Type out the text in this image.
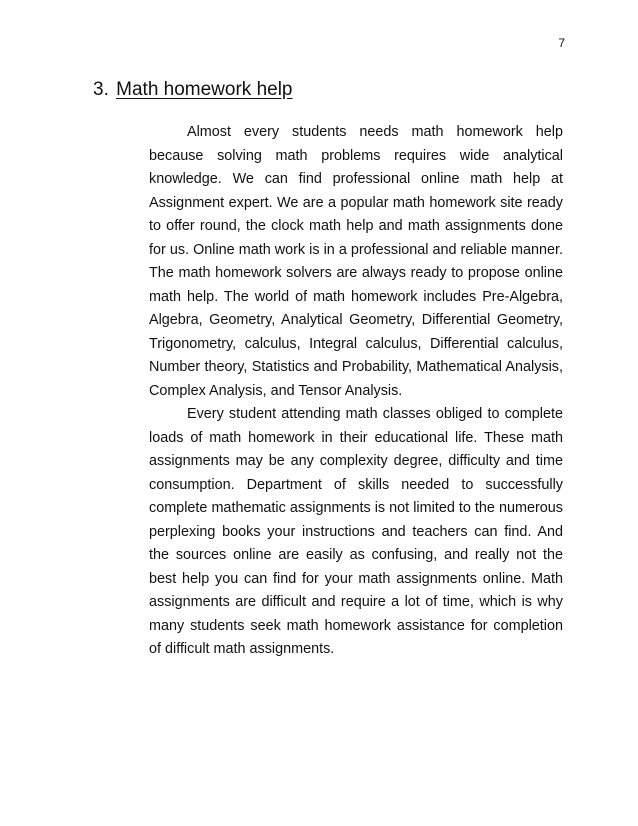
7
3. Math homework help

Almost every students needs math homework help because solving math problems requires wide analytical knowledge. We can find professional online math help at Assignment expert. We are a popular math homework site ready to offer round, the clock math help and math assignments done for us. Online math work is in a professional and reliable manner. The math homework solvers are always ready to propose online math help. The world of math homework includes Pre-Algebra, Algebra, Geometry, Analytical Geometry, Differential Geometry, Trigonometry, calculus, Integral calculus, Differential calculus, Number theory, Statistics and Probability, Mathematical Analysis, Complex Analysis, and Tensor Analysis.

Every student attending math classes obliged to complete loads of math homework in their educational life. These math assignments may be any complexity degree, difficulty and time consumption. Department of skills needed to successfully complete mathematic assignments is not limited to the numerous perplexing books your instructions and teachers can find. And the sources online are easily as confusing, and really not the best help you can find for your math assignments online. Math assignments are difficult and require a lot of time, which is why many students seek math homework assistance for completion of difficult math assignments.
